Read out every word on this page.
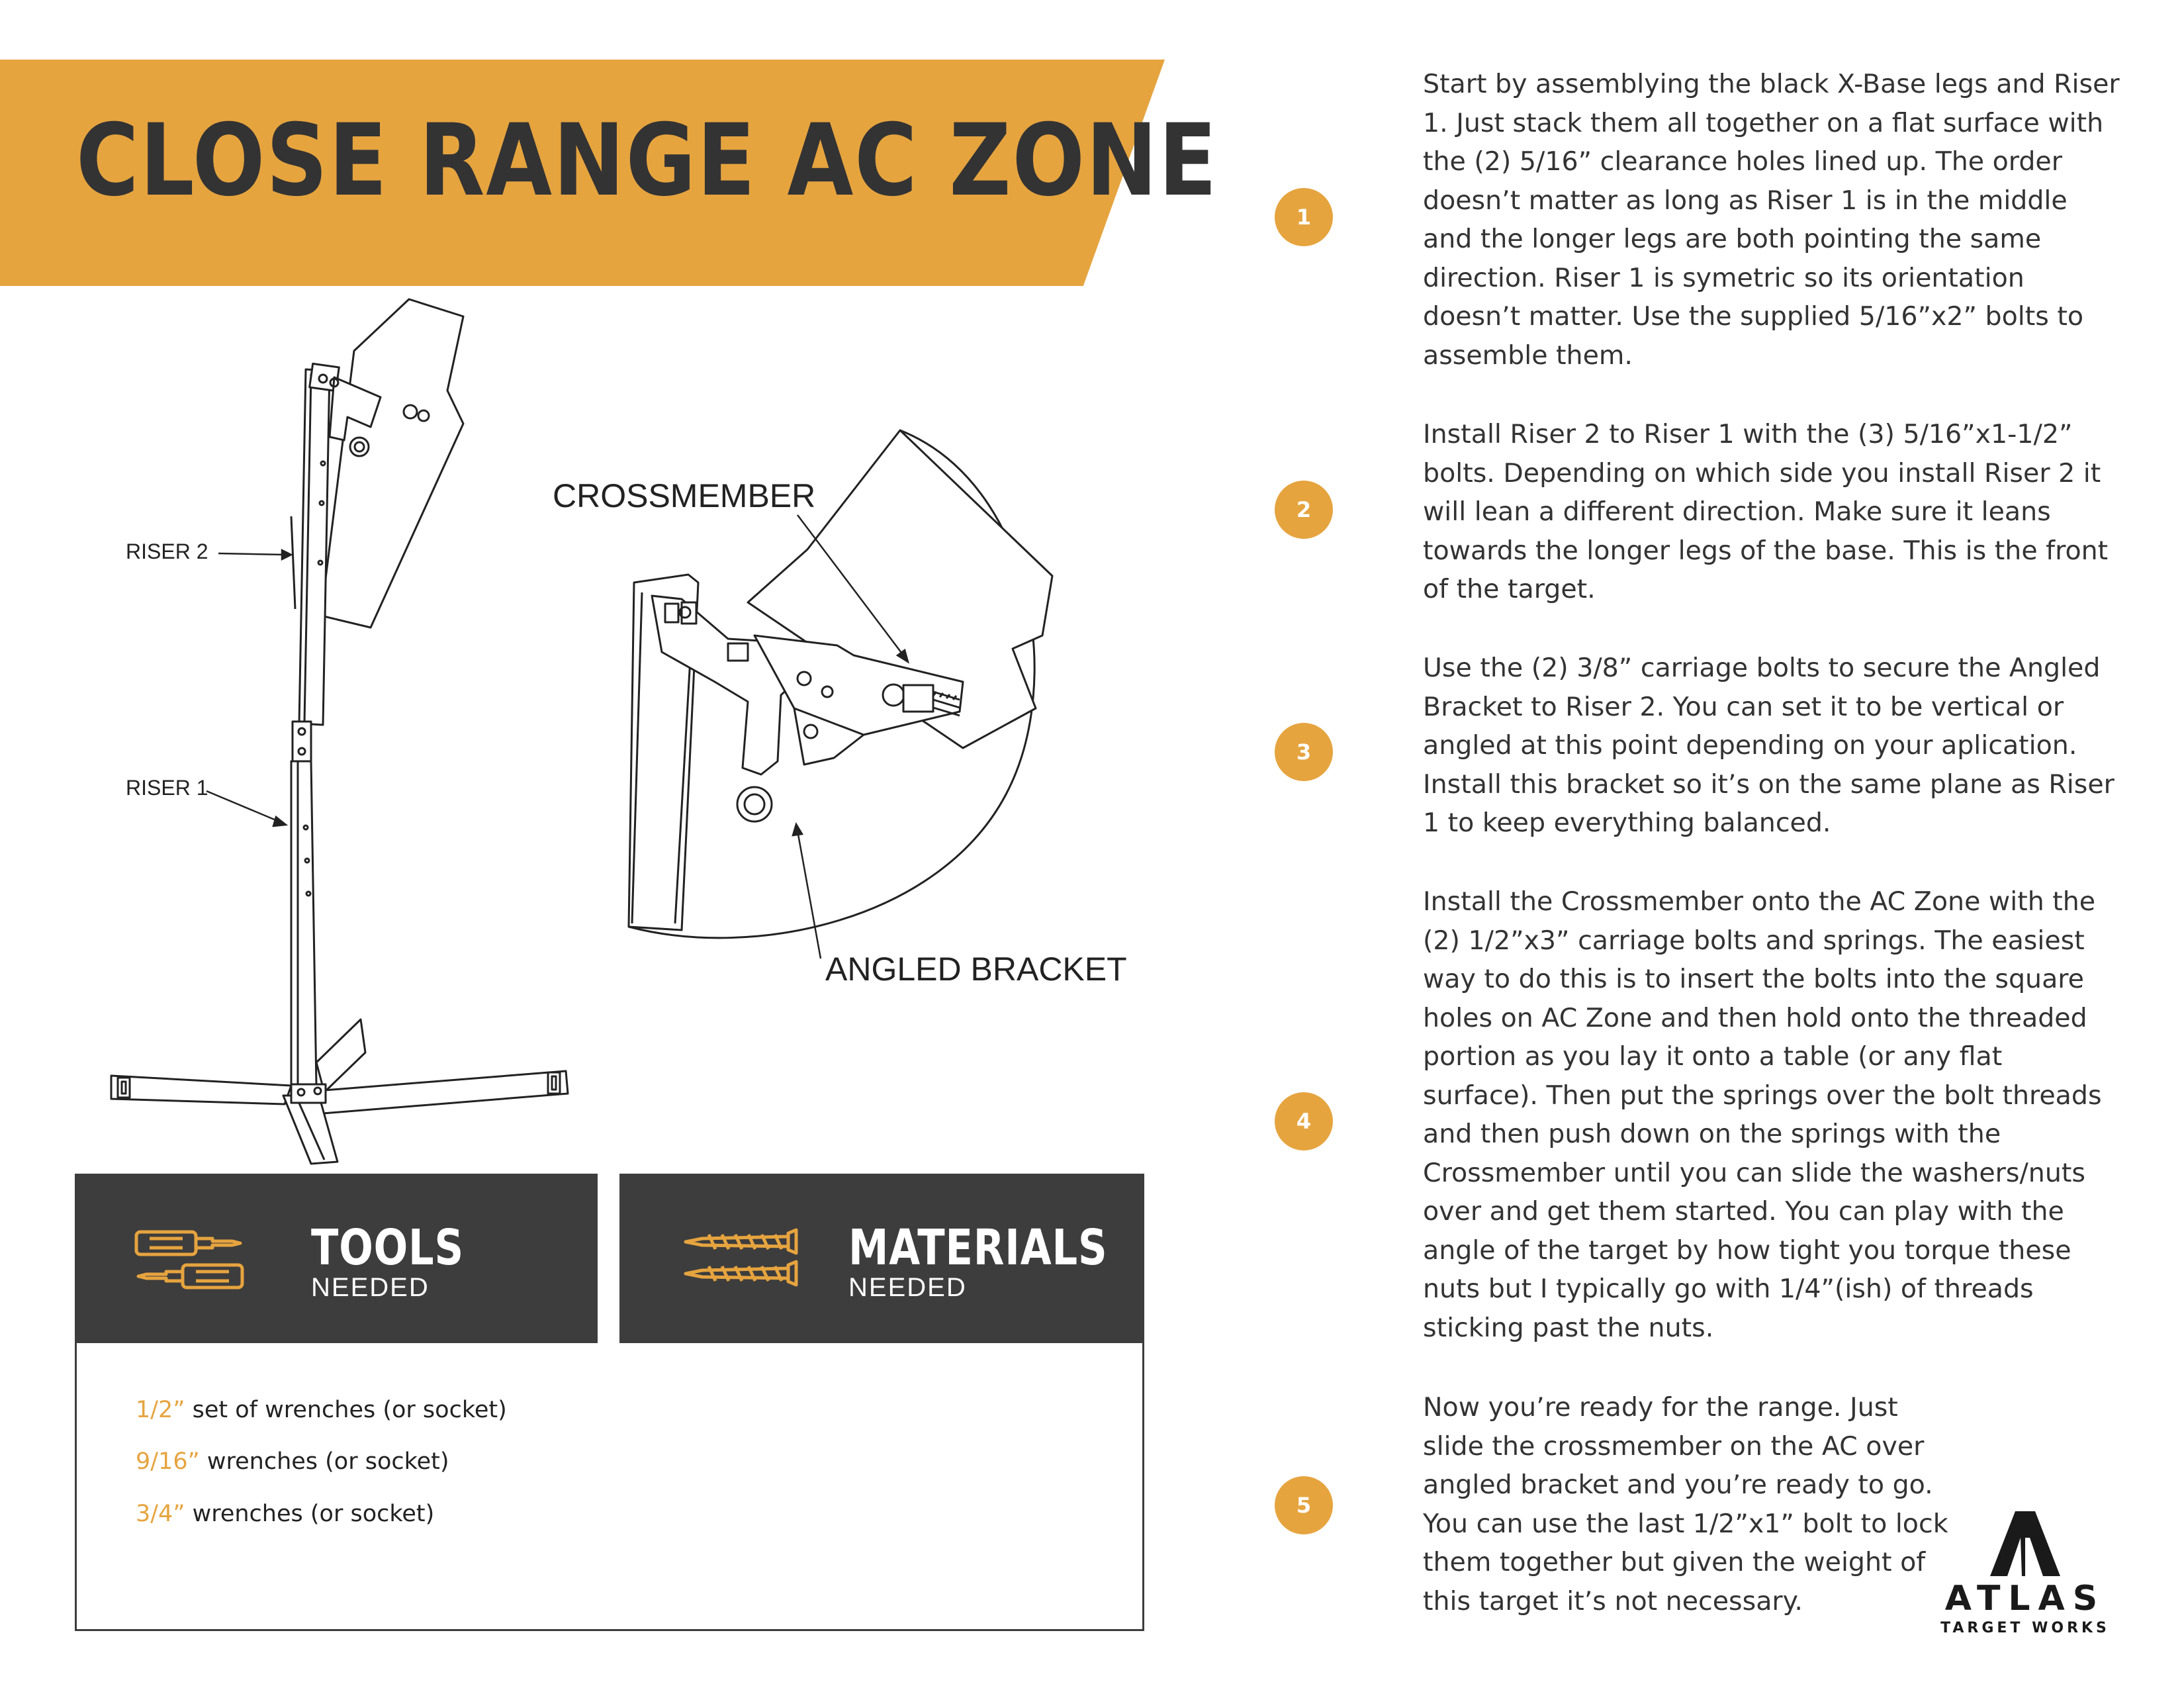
CLOSE RANGE AC ZONE
RISER 2
RISER 1
CROSSMEMBER
ANGLED BRACKET
TOOLS
NEEDED
MATERIALS
NEEDED
1/2” set of wrenches (or socket)
9/16” wrenches (or socket)
3/4” wrenches (or socket)
1

Start by assemblying the black X-Base legs and Riser 1. Just stack them all together on a flat surface with the (2) 5/16” clearance holes lined up. The order doesn’t matter as long as Riser 1 is in the middle and the longer legs are both pointing the same direction. Riser 1 is symetric so its orientation doesn’t matter. Use the supplied 5/16”x2” bolts to assemble them.

2

Install Riser 2 to Riser 1 with the (3) 5/16”x1-1/2” bolts. Depending on which side you install Riser 2 it will lean a different direction. Make sure it leans towards the longer legs of the base. This is the front of the target.

3

Use the (2) 3/8” carriage bolts to secure the Angled Bracket to Riser 2. You can set it to be vertical or angled at this point depending on your aplication. Install this bracket so it’s on the same plane as Riser 1 to keep everything balanced.

4

Install the Crossmember onto the AC Zone with the (2) 1/2”x3” carriage bolts and springs. The easiest way to do this is to insert the bolts into the square holes on AC Zone and then hold onto the threaded portion as you lay it onto a table (or any flat surface). Then put the springs over the bolt threads and then push down on the springs with the Crossmember until you can slide the washers/nuts over and get them started. You can play with the angle of the target by how tight you torque these nuts but I typically go with 1/4”(ish) of threads sticking past the nuts.

5

Now you’re ready for the range. Just slide the crossmember on the AC over angled bracket and you’re ready to go. You can use the last 1/2”x1” bolt to lock them together but given the weight of this target it’s not necessary.	ATLAS
TARGET WORKS
